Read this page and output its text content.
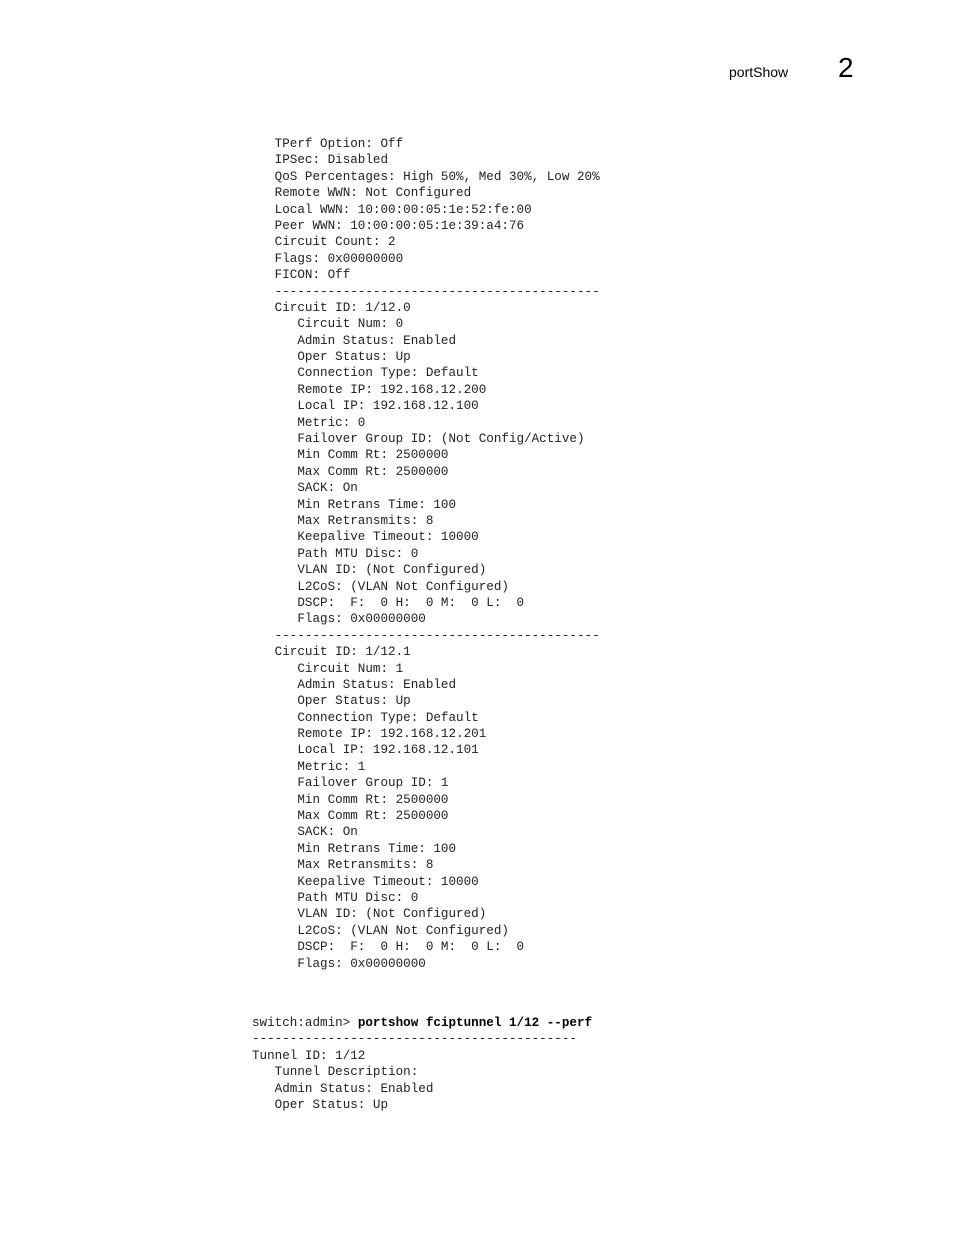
portShow 2
TPerf Option: Off
IPSec: Disabled
QoS Percentages: High 50%, Med 30%, Low 20%
Remote WWN: Not Configured
Local WWN: 10:00:00:05:1e:52:fe:00
Peer WWN: 10:00:00:05:1e:39:a4:76
Circuit Count: 2
Flags: 0x00000000
FICON: Off
-------------------------------------------
Circuit ID: 1/12.0
Circuit Num: 0
Admin Status: Enabled
Oper Status: Up
Connection Type: Default
Remote IP: 192.168.12.200
Local IP: 192.168.12.100
Metric: 0
Failover Group ID: (Not Config/Active)
Min Comm Rt: 2500000
Max Comm Rt: 2500000
SACK: On
Min Retrans Time: 100
Max Retransmits: 8
Keepalive Timeout: 10000
Path MTU Disc: 0
VLAN ID: (Not Configured)
L2CoS: (VLAN Not Configured)
DSCP:  F:  0 H:  0 M:  0 L:  0
Flags: 0x00000000
-------------------------------------------
Circuit ID: 1/12.1
Circuit Num: 1
Admin Status: Enabled
Oper Status: Up
Connection Type: Default
Remote IP: 192.168.12.201
Local IP: 192.168.12.101
Metric: 1
Failover Group ID: 1
Min Comm Rt: 2500000
Max Comm Rt: 2500000
SACK: On
Min Retrans Time: 100
Max Retransmits: 8
Keepalive Timeout: 10000
Path MTU Disc: 0
VLAN ID: (Not Configured)
L2CoS: (VLAN Not Configured)
DSCP:  F:  0 H:  0 M:  0 L:  0
Flags: 0x00000000
switch:admin> portshow fciptunnel 1/12 --perf
-------------------------------------------
Tunnel ID: 1/12
Tunnel Description:
Admin Status: Enabled
Oper Status: Up
